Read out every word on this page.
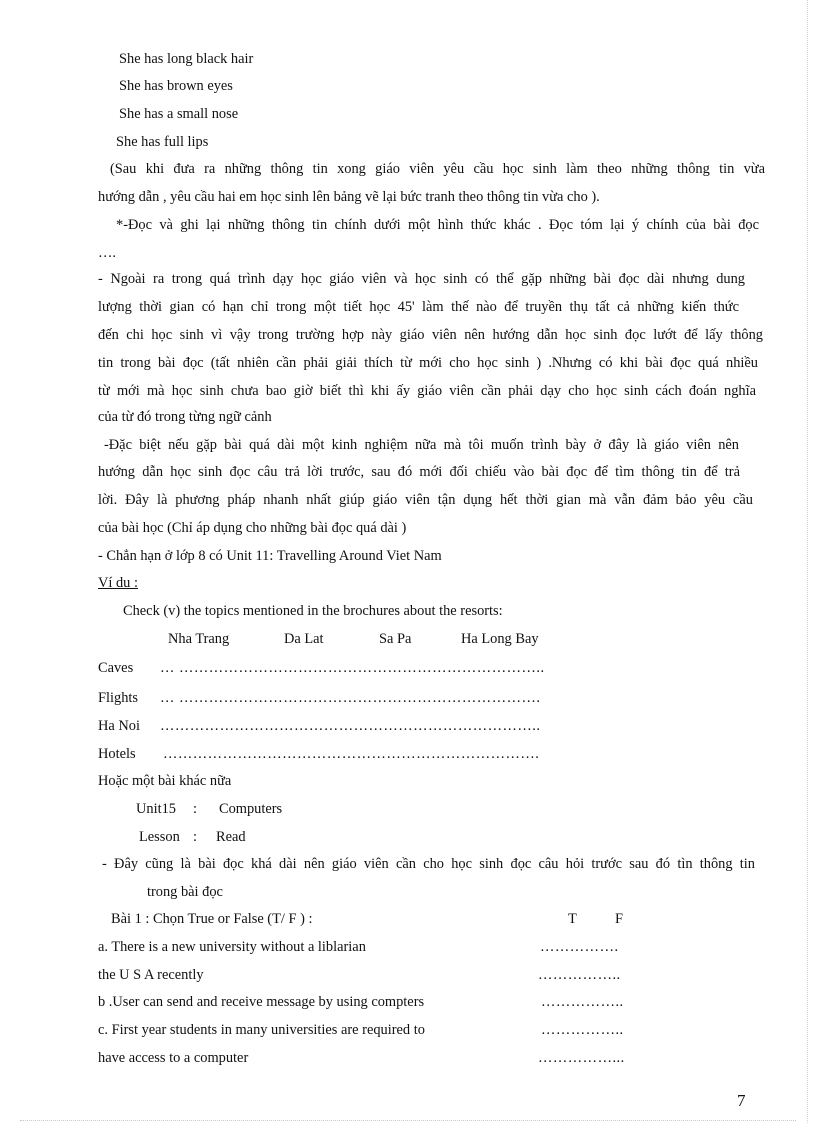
She has long black hair
She has brown eyes
She has a small nose
She has full lips
(Sau khi đưa ra những thông tin xong giáo viên yêu cầu học sinh làm theo những thông tin vừa
hướng dẫn , yêu cầu hai em học sinh lên bảng vẽ lại bức tranh theo thông tin vừa cho ).
*-Đọc và ghi lại những thông tin chính dưới một hình thức khác . Đọc tóm lại ý chính của bài đọc
….
- Ngoài ra trong quá trình dạy học giáo viên và học sinh có thể gặp những bài đọc dài nhưng dung
lượng thời gian có hạn chỉ trong một tiết học 45' làm thế nào để truyền thụ tất cả những kiến thức
đến chi học sinh vì vậy trong trường hợp này giáo viên nên hướng dẫn học sinh đọc lướt để lấy thông
tin trong bài đọc (tất nhiên cần phải giải thích từ mới cho học sinh ) .Nhưng có khi bài đọc quá nhiều
từ mới mà học sinh chưa bao giờ biết thì khi ấy giáo viên cần phải dạy cho học sinh cách đoán nghĩa
của từ đó trong từng ngữ cảnh
-Đặc biệt nếu gặp bài quá dài một kinh nghiệm nữa mà tôi muốn trình bày ở đây là giáo viên nên
hướng dẫn học sinh đọc câu trả lời trước, sau đó mới đối chiếu vào bài đọc để tìm thông tin để trả
lời. Đây là phương pháp nhanh nhất giúp giáo viên tận dụng hết thời gian mà vẫn đảm bảo yêu cầu
của bài học (Chỉ áp dụng cho những bài đọc quá dài )
- Chẳn hạn ở lớp 8 có Unit 11: Travelling Around Viet Nam
Ví du :
Check (v) the topics mentioned in the brochures about the resorts:
Nha Trang	Da Lat	Sa Pa	Ha Long Bay
Caves … ………………………………………………………………..
Flights … ……………………………………………………………….
Ha Noi …………………………………………………………………..
Hotels ………………………………………………………………….
Hoặc một bài khác nữa
Unit15 : Computers
Lesson : Read
- Đây cũng là bài đọc khá dài nên giáo viên cần cho học sinh đọc câu hỏi trước sau đó tìn thông tin
trong bài đọc
Bài 1 : Chọn True or False (T/ F ) :	T	F
a. There is a new university without a liblarian	…………….
the U S A recently	……………..
b .User can send and receive message by using compters	……………..
c. First year students in many universities are required to	……………..
have access to a computer	……………...
7
